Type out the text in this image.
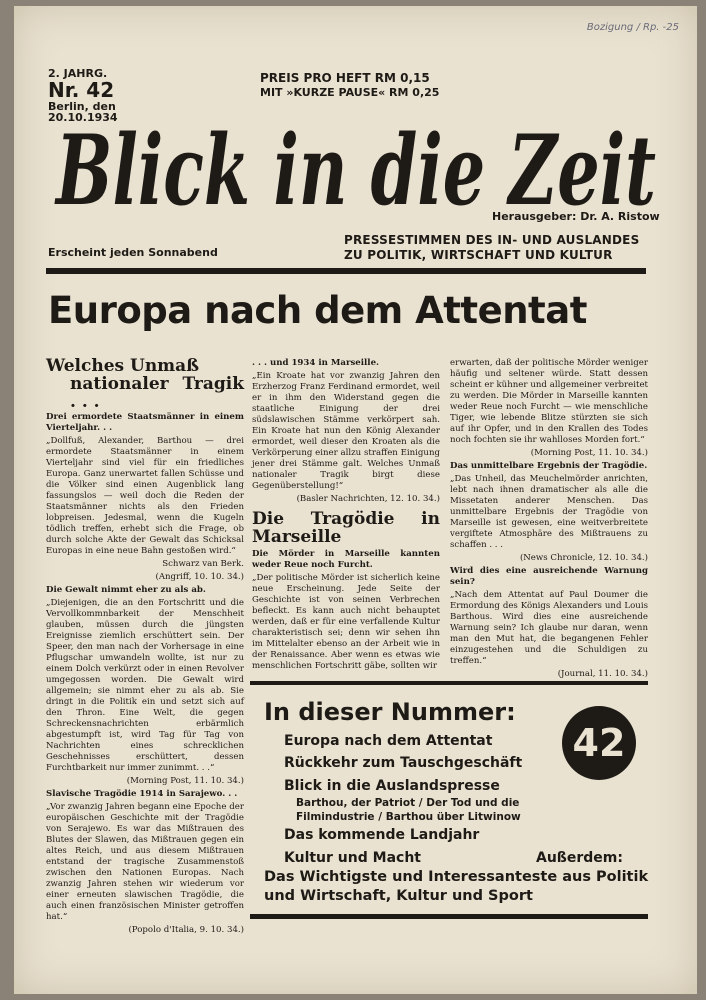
Bozigung / Rp. -25
2. JAHRG.
Nr. 42
Berlin, den
20.10.1934
PREIS PRO HEFT RM 0,15
MIT »KURZE PAUSE« RM 0,25
Blick in die Zeit
Herausgeber: Dr. A. Ristow
Erscheint jeden Sonnabend
PRESSESTIMMEN DES IN- UND AUSLANDES
ZU POLITIK, WIRTSCHAFT UND KULTUR
Europa nach dem Attentat
Welches Unmaß
nationaler Tragik . . .

Drei ermordete Staatsmänner in einem Vierteljahr. . .

„Dollfuß, Alexander, Barthou — drei ermordete Staatsmänner in einem Vierteljahr sind viel für ein friedliches Europa. Ganz unerwartet fallen Schüsse und die Völker sind einen Augenblick lang fassungslos — weil doch die Reden der Staatsmänner nichts als den Frieden lobpreisen. Jedesmal, wenn die Kugeln tödlich treffen, erhebt sich die Frage, ob durch solche Akte der Gewalt das Schicksal Europas in eine neue Bahn gestoßen wird.“

Schwarz van Berk.

(Angriff, 10. 10. 34.)

Die Gewalt nimmt eher zu als ab.

„Diejenigen, die an den Fortschritt und die Vervollkommnbarkeit der Menschheit glauben, müssen durch die jüngsten Ereignisse ziemlich erschüttert sein. Der Speer, den man nach der Vorhersage in eine Pflugschar umwandeln wollte, ist nur zu einem Dolch verkürzt oder in einen Revolver umgegossen worden. Die Gewalt wird allgemein; sie nimmt eher zu als ab. Sie dringt in die Politik ein und setzt sich auf den Thron. Eine Welt, die gegen Schreckensnachrichten erbärmlich abgestumpft ist, wird Tag für Tag von Nachrichten eines schrecklichen Geschehnisses erschüttert, dessen Furchtbarkeit nur immer zunimmt. . .“

(Morning Post, 11. 10. 34.)

Slavische Tragödie 1914 in Sarajewo. . .

„Vor zwanzig Jahren begann eine Epoche der europäischen Geschichte mit der Tragödie von Serajewo. Es war das Mißtrauen des Blutes der Slawen, das Mißtrauen gegen ein altes Reich, und aus diesem Mißtrauen entstand der tragische Zusammenstoß zwischen den Nationen Europas. Nach zwanzig Jahren stehen wir wiederum vor einer erneuten slawischen Tragödie, die auch einen französischen Minister getroffen hat.“

(Popolo d'Italia, 9. 10. 34.)

. . . und 1934 in Marseille.

„Ein Kroate hat vor zwanzig Jahren den Erzherzog Franz Ferdinand ermordet, weil er in ihm den Widerstand gegen die staatliche Einigung der drei südslawischen Stämme verkörpert sah. Ein Kroate hat nun den König Alexander ermordet, weil dieser den Kroaten als die Verkörperung einer allzu straffen Einigung jener drei Stämme galt. Welches Unmaß nationaler Tragik birgt diese Gegenüberstellung!“

(Basler Nachrichten, 12. 10. 34.)

Die Tragödie in Marseille

Die Mörder in Marseille kannten weder Reue noch Furcht.

„Der politische Mörder ist sicherlich keine neue Erscheinung. Jede Seite der Geschichte ist von seinen Verbrechen befleckt. Es kann auch nicht behauptet werden, daß er für eine verfallende Kultur charakteristisch sei; denn wir sehen ihn im Mittelalter ebenso an der Arbeit wie in der Renaissance. Aber wenn es etwas wie menschlichen Fortschritt gäbe, sollten wir

erwarten, daß der politische Mörder weniger häufig und seltener würde. Statt dessen scheint er kühner und allgemeiner verbreitet zu werden. Die Mörder in Marseille kannten weder Reue noch Furcht — wie menschliche Tiger, wie lebende Blitze stürzten sie sich auf ihr Opfer, und in den Krallen des Todes noch fochten sie ihr wahlloses Morden fort.“

(Morning Post, 11. 10. 34.)

Das unmittelbare Ergebnis der Tragödie.

„Das Unheil, das Meuchelmörder anrichten, lebt nach ihnen dramatischer als alle die Missetaten anderer Menschen. Das unmittelbare Ergebnis der Tragödie von Marseille ist gewesen, eine weitverbreitete vergiftete Atmosphäre des Mißtrauens zu schaffen . . .

(News Chronicle, 12. 10. 34.)

Wird dies eine ausreichende Warnung sein?

„Nach dem Attentat auf Paul Doumer die Ermordung des Königs Alexanders und Louis Barthous. Wird dies eine ausreichende Warnung sein? Ich glaube nur daran, wenn man den Mut hat, die begangenen Fehler einzugestehen und die Schuldigen zu treffen.“

(Journal, 11. 10. 34.)

In dieser Nummer:
42
Europa nach dem Attentat
Rückkehr zum Tauschgeschäft
Blick in die Auslandspresse
Barthou, der Patriot / Der Tod und die
Filmindustrie / Barthou über Litwinow
Das kommende Landjahr
Kultur und Macht	Außerdem:
Das Wichtigste und Interessanteste aus Politik und Wirtschaft, Kultur und Sport
